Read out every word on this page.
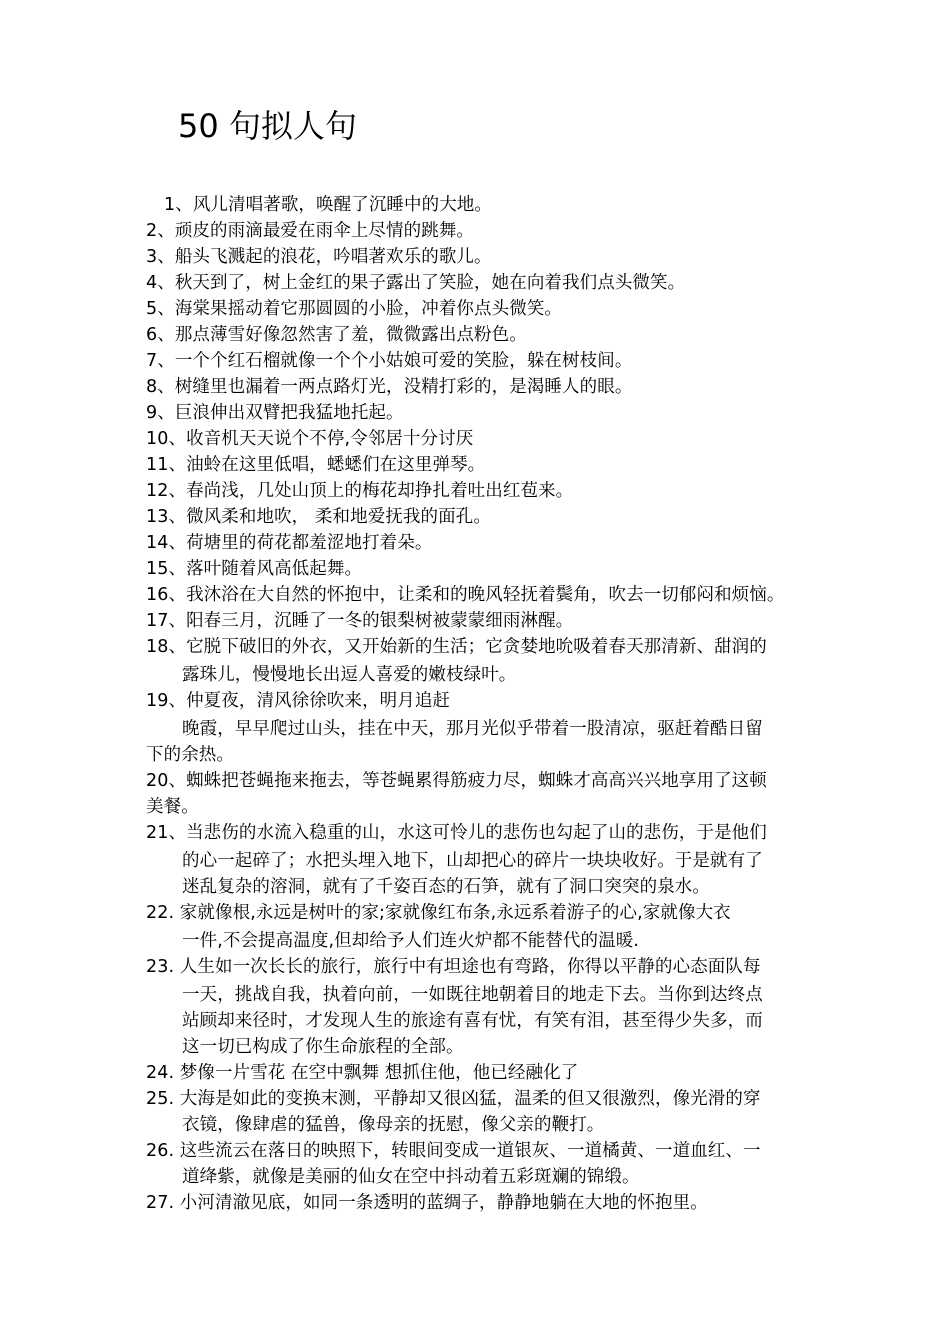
50 句拟人句

1、风儿清唱著歌，唤醒了沉睡中的大地。

2、顽皮的雨滴最爱在雨伞上尽情的跳舞。

3、船头飞溅起的浪花，吟唱著欢乐的歌儿。

4、秋天到了，树上金红的果子露出了笑脸，她在向着我们点头微笑。

5、海棠果摇动着它那圆圆的小脸，冲着你点头微笑。

6、那点薄雪好像忽然害了羞，微微露出点粉色。

7、一个个红石榴就像一个个小姑娘可爱的笑脸，躲在树枝间。

8、树缝里也漏着一两点路灯光，没精打彩的，是渴睡人的眼。

9、巨浪伸出双臂把我猛地托起。

10、收音机天天说个不停,令邻居十分讨厌

11、油蛉在这里低唱，蟋蟋们在这里弹琴。

12、春尚浅，几处山顶上的梅花却挣扎着吐出红苞来。

13、微风柔和地吹， 柔和地爱抚我的面孔。

14、荷塘里的荷花都羞涩地打着朵。

15、落叶随着风高低起舞。

16、我沐浴在大自然的怀抱中，让柔和的晚风轻抚着鬓角，吹去一切郁闷和烦恼。

17、阳春三月，沉睡了一冬的银梨树被蒙蒙细雨淋醒。

18、它脱下破旧的外衣，又开始新的生活；它贪婪地吮吸着春天那清新、甜润的

露珠儿，慢慢地长出逗人喜爱的嫩枝绿叶。

19、仲夏夜，清风徐徐吹来，明月追赶

晚霞，早早爬过山头，挂在中天，那月光似乎带着一股清凉，驱赶着酷日留

下的余热。

20、蜘蛛把苍蝇拖来拖去，等苍蝇累得筋疲力尽，蜘蛛才高高兴兴地享用了这顿

美餐。

21、当悲伤的水流入稳重的山，水这可怜儿的悲伤也勾起了山的悲伤，于是他们

的心一起碎了；水把头埋入地下，山却把心的碎片一块块收好。于是就有了

迷乱复杂的溶洞，就有了千姿百态的石笋，就有了洞口突突的泉水。

22. 家就像根,永远是树叶的家;家就像红布条,永远系着游子的心,家就像大衣

一件,不会提高温度,但却给予人们连火炉都不能替代的温暖.

23. 人生如一次长长的旅行，旅行中有坦途也有弯路，你得以平静的心态面队每

一天，挑战自我，执着向前，一如既往地朝着目的地走下去。当你到达终点

站顾却来径时，才发现人生的旅途有喜有忧，有笑有泪，甚至得少失多，而

这一切已构成了你生命旅程的全部。

24. 梦像一片雪花 在空中飘舞 想抓住他，他已经融化了

25. 大海是如此的变换末测，平静却又很凶猛，温柔的但又很激烈，像光滑的穿

衣镜，像肆虐的猛兽，像母亲的抚慰，像父亲的鞭打。

26. 这些流云在落日的映照下，转眼间变成一道银灰、一道橘黄、一道血红、一

道绛紫，就像是美丽的仙女在空中抖动着五彩斑斓的锦缎。

27. 小河清澈见底，如同一条透明的蓝绸子，静静地躺在大地的怀抱里。
